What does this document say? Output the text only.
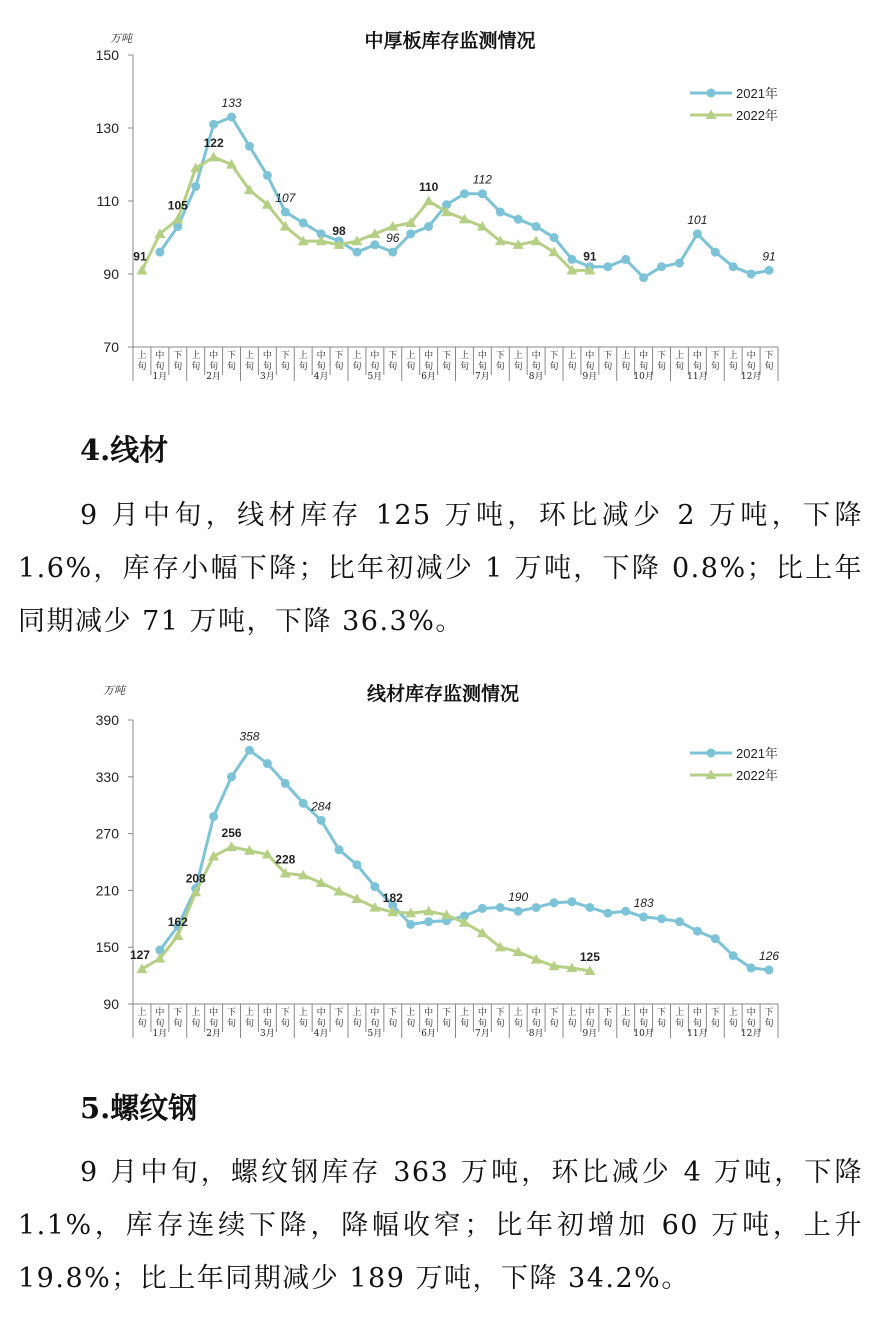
中厚板库存监测情况
万吨
70
90
110
130
150
上
旬
中
旬
下
旬
上
旬
中
旬
下
旬
上
旬
中
旬
下
旬
上
旬
中
旬
下
旬
上
旬
中
旬
下
旬
上
旬
中
旬
下
旬
上
旬
中
旬
下
旬
上
旬
中
旬
下
旬
上
旬
中
旬
下
旬
上
旬
中
旬
下
旬
上
旬
中
旬
下
旬
上
旬
中
旬
下
旬
1月	2月	3月	4月	5月	6月	7月	8月	9月	10月	11月	12月
91
105
122
133
107
98
96
110
112
91
101
91
2021年
2022年
4.线材

9 月中旬，线材库存 125 万吨，环比减少 2 万吨，下降 1.6%，库存小幅下降；比年初减少 1 万吨，下降 0.8%；比上年同期减少 71 万吨，下降 36.3%。

线材库存监测情况
万吨
90
150
210
270
330
390
上
旬
中
旬
下
旬
上
旬
中
旬
下
旬
上
旬
中
旬
下
旬
上
旬
中
旬
下
旬
上
旬
中
旬
下
旬
上
旬
中
旬
下
旬
上
旬
中
旬
下
旬
上
旬
中
旬
下
旬
上
旬
中
旬
下
旬
上
旬
中
旬
下
旬
上
旬
中
旬
下
旬
上
旬
中
旬
下
旬
1月	2月	3月	4月	5月	6月	7月	8月	9月	10月	11月	12月
127
162
208
256
358
228
284
182	190
125
183
126
2021年
2022年
5.螺纹钢

9 月中旬，螺纹钢库存 363 万吨，环比减少 4 万吨，下降 1.1%，库存连续下降，降幅收窄；比年初增加 60 万吨，上升 19.8%；比上年同期减少 189 万吨，下降 34.2%。
